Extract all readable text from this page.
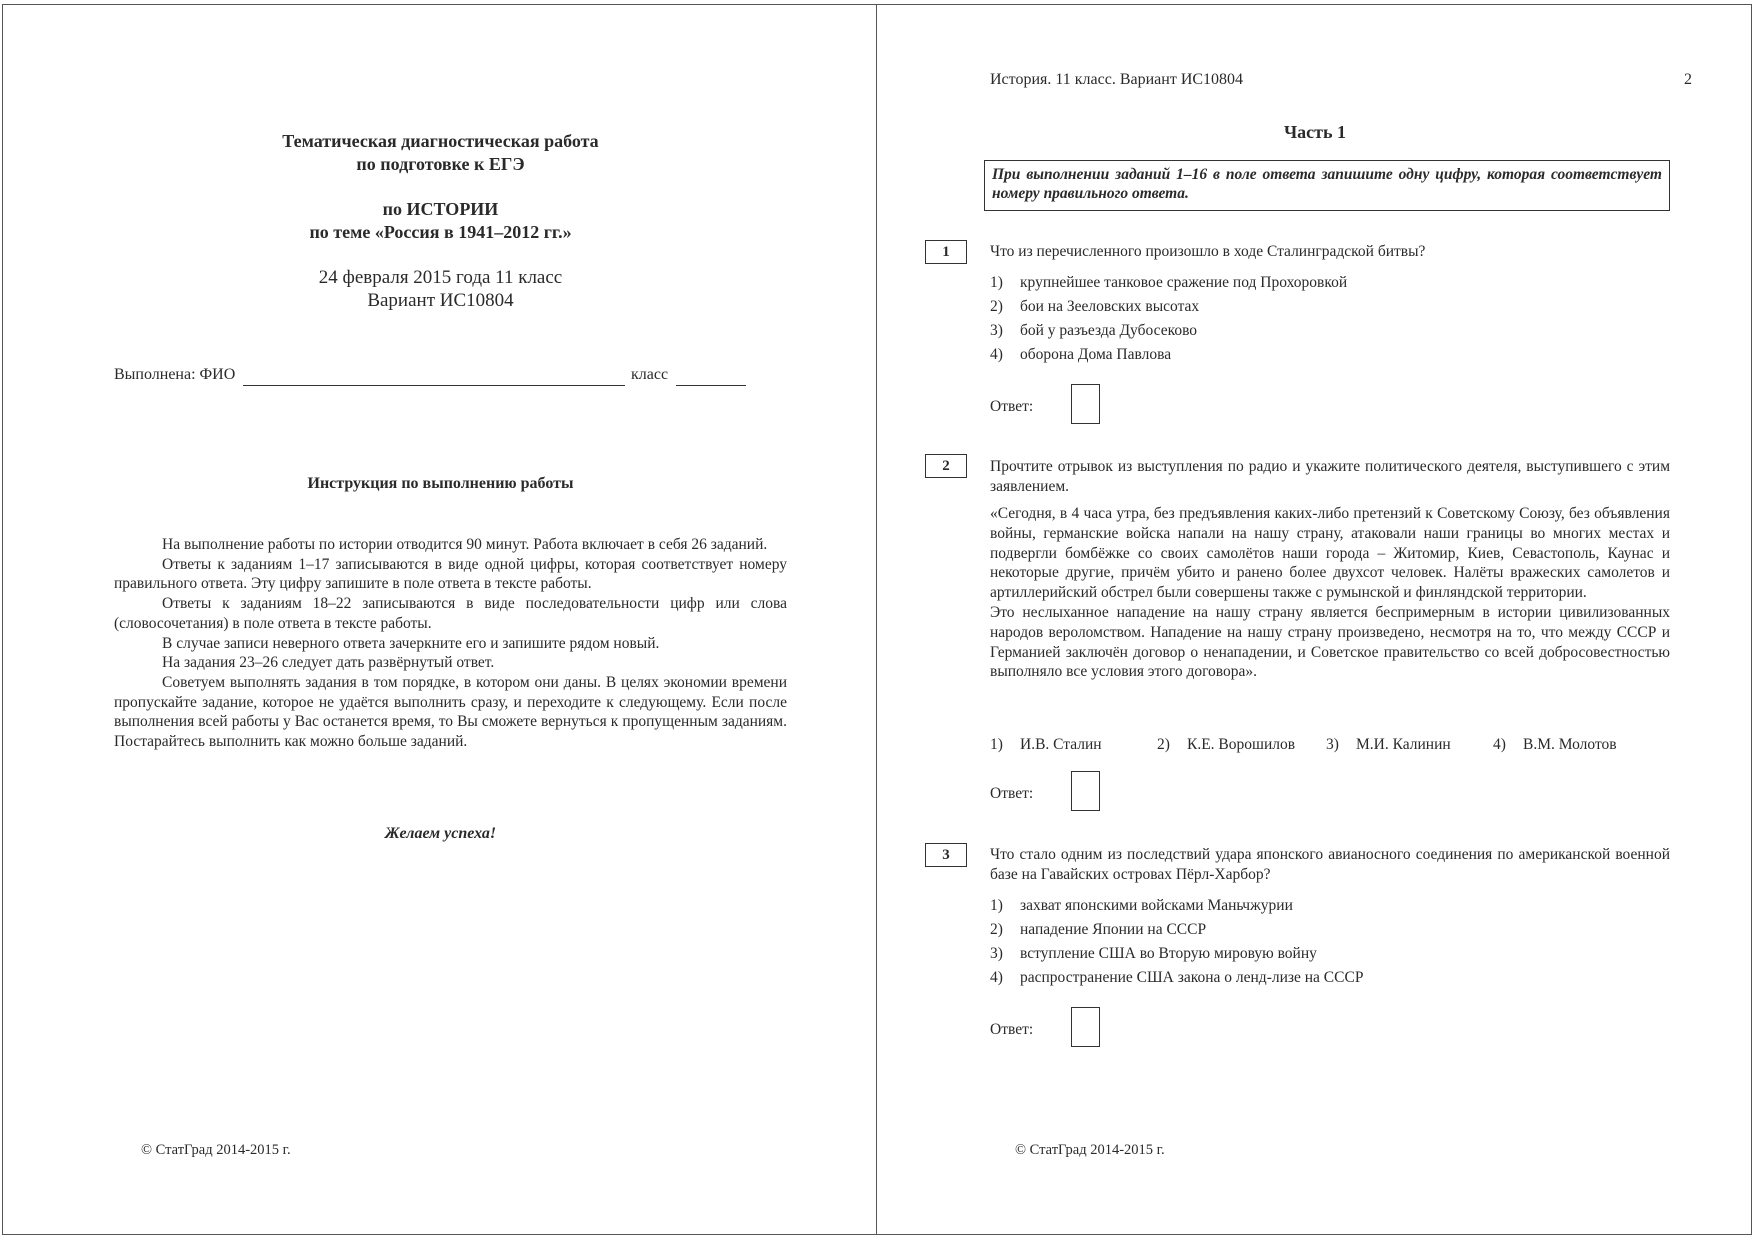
Тематическая диагностическая работа
по подготовке к ЕГЭ
по ИСТОРИИ
по теме «Россия в 1941–2012 гг.»
24 февраля 2015 года 11 класс
Вариант ИС10804
Выполнена: ФИО	класс
Инструкция по выполнению работы

На выполнение работы по истории отводится 90 минут. Работа включает в себя 26 заданий.

Ответы к заданиям 1–17 записываются в виде одной цифры, которая соответствует номеру правильного ответа. Эту цифру запишите в поле ответа в тексте работы.

Ответы к заданиям 18–22 записываются в виде последовательности цифр или слова (словосочетания) в поле ответа в тексте работы.

В случае записи неверного ответа зачеркните его и запишите рядом новый.

На задания 23–26 следует дать развёрнутый ответ.

Советуем выполнять задания в том порядке, в котором они даны. В целях экономии времени пропускайте задание, которое не удаётся выполнить сразу, и переходите к следующему. Если после выполнения всей работы у Вас останется время, то Вы сможете вернуться к пропущенным заданиям. Постарайтесь выполнить как можно больше заданий.

Желаем успеха!
© СтатГрад 2014-2015 г.
История. 11 класс. Вариант ИС10804	2
Часть 1
При выполнении заданий 1–16 в поле ответа запишите одну цифру, которая соответствует номеру правильного ответа.
1	Что из перечисленного произошло в ходе Сталинградской битвы?
1) крупнейшее танковое сражение под Прохоровкой
2) бои на Зееловских высотах
3) бой у разъезда Дубосеково
4) оборона Дома Павлова
Ответ:
2	Прочтите отрывок из выступления по радио и укажите политического деятеля, выступившего с этим заявлением.
«Сегодня, в 4 часа утра, без предъявления каких-либо претензий к Советскому Союзу, без объявления войны, германские войска напали на нашу страну, атаковали наши границы во многих местах и подвергли бомбёжке со своих самолётов наши города – Житомир, Киев, Севастополь, Каунас и некоторые другие, причём убито и ранено более двухсот человек. Налёты вражеских самолетов и артиллерийский обстрел были совершены также с румынской и финляндской территории.
Это неслыханное нападение на нашу страну является беспримерным в истории цивилизованных народов вероломством. Нападение на нашу страну произведено, несмотря на то, что между СССР и Германией заключён договор о ненападении, и Советское правительство со всей добросовестностью выполняло все условия этого договора».
1) И.В. Сталин	2) К.Е. Ворошилов 3) М.И. Калинин	4) В.М. Молотов
Ответ:
3	Что стало одним из последствий удара японского авианосного соединения по американской военной базе на Гавайских островах Пёрл-Харбор?
1) захват японскими войсками Маньчжурии
2) нападение Японии на СССР
3) вступление США во Вторую мировую войну
4) распространение США закона о ленд-лизе на СССР
Ответ:
© СтатГрад 2014-2015 г.
